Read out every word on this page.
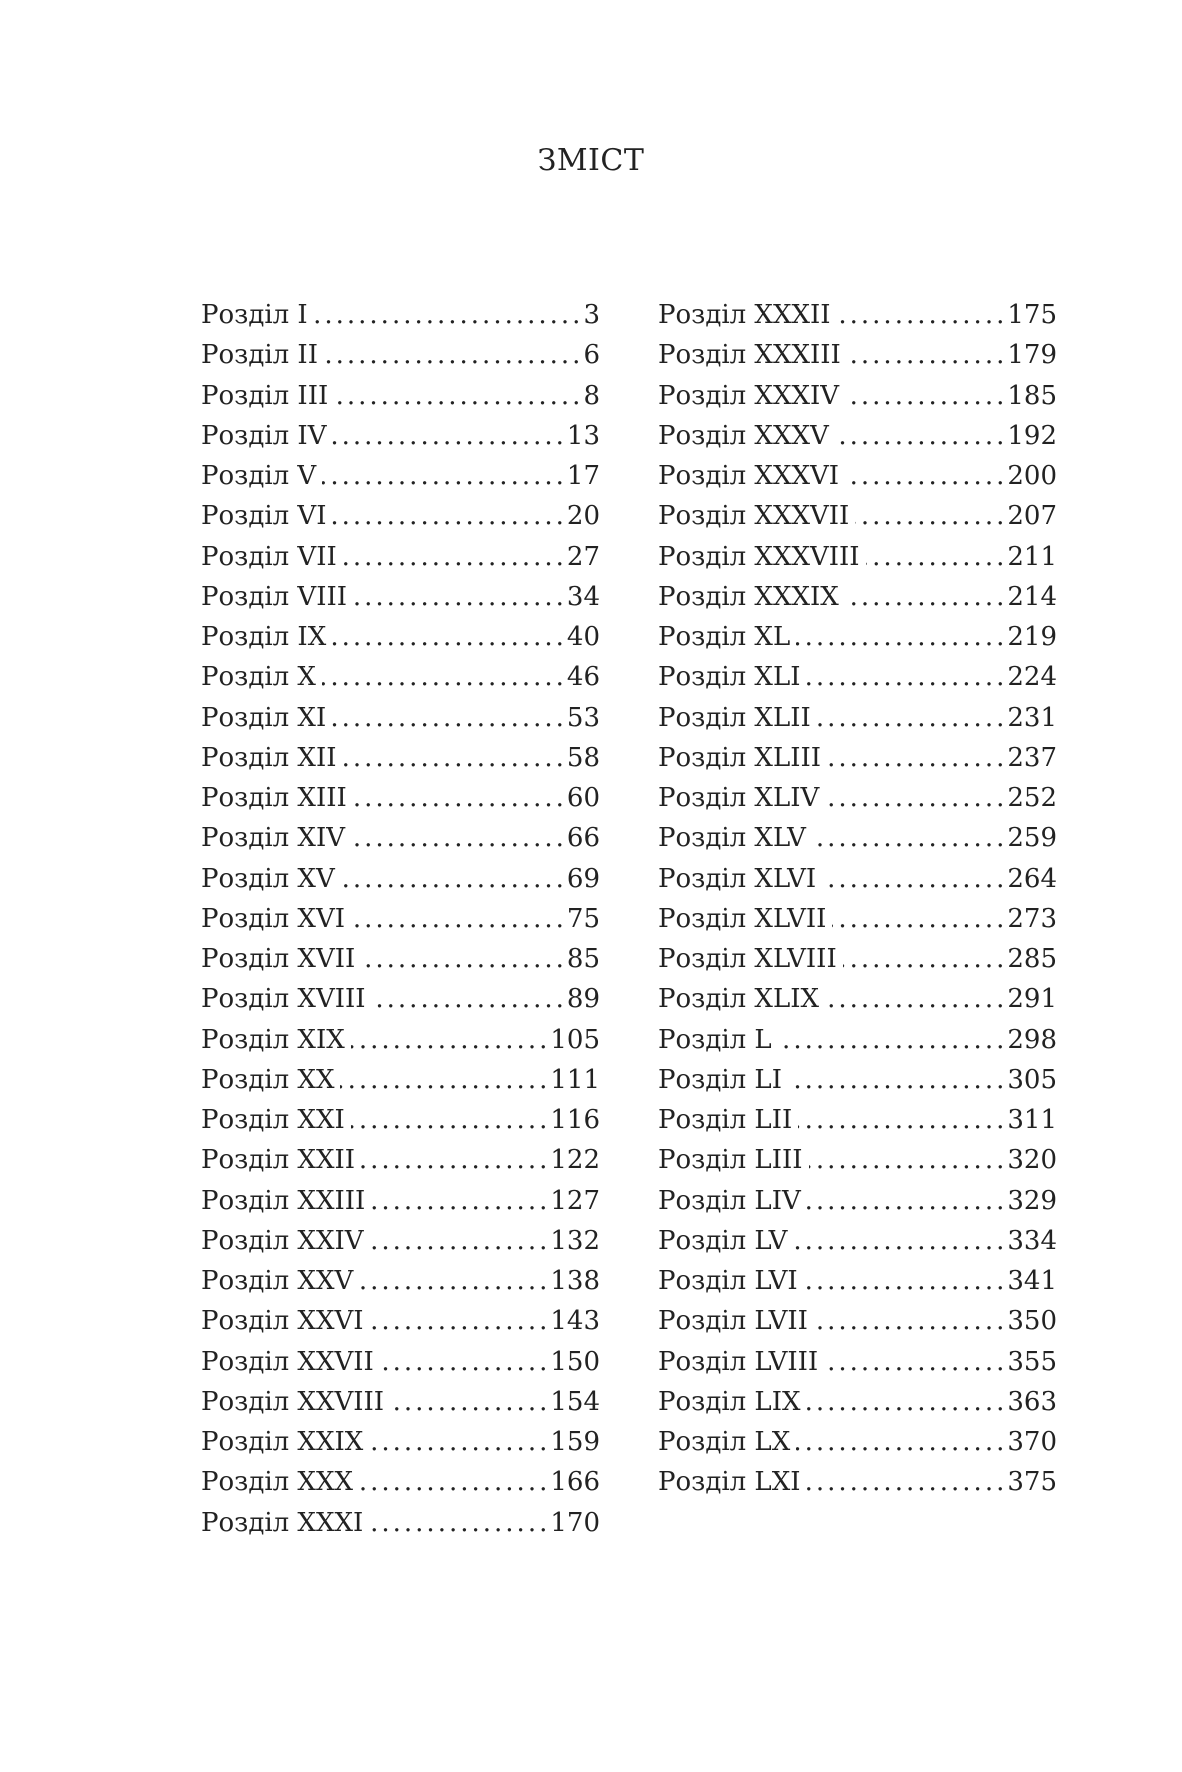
ЗМІСТ
Розділ I .....	3
Розділ II .....	6
Розділ III .....	8
Розділ IV .....	13
Розділ V .....	17
Розділ VI .....	20
Розділ VII .....	27
Розділ VIII .....	34
Розділ IX .....	40
Розділ X .....	46
Розділ XI .....	53
Розділ XII .....	58
Розділ XIII .....	60
Розділ XIV .....	66
Розділ XV .....	69
Розділ XVI .....	75
Розділ XVII .....	85
Розділ XVIII .....	89
Розділ XIX .....	105
Розділ XX .....	111
Розділ XXI .....	116
Розділ XXII .....	122
Розділ XXIII .....	127
Розділ XXIV .....	132
Розділ XXV .....	138
Розділ XXVI .....	143
Розділ XXVII .....	150
Розділ XXVIII .....	154
Розділ XXIX .....	159
Розділ XXX .....	166
Розділ XXXI .....	170
Розділ XXXII .....	175
Розділ XXXIII .....	179
Розділ XXXIV .....	185
Розділ XXXV .....	192
Розділ XXXVI .....	200
Розділ XXXVII .....	207
Розділ XXXVIII .....	211
Розділ XXXIX .....	214
Розділ XL .....	219
Розділ XLI .....	224
Розділ XLII .....	231
Розділ XLIII .....	237
Розділ XLIV .....	252
Розділ XLV .....	259
Розділ XLVI .....	264
Розділ XLVII .....	273
Розділ XLVIII .....	285
Розділ XLIX .....	291
Розділ L .....	298
Розділ LI .....	305
Розділ LII .....	311
Розділ LIII .....	320
Розділ LIV .....	329
Розділ LV .....	334
Розділ LVI .....	341
Розділ LVII .....	350
Розділ LVIII .....	355
Розділ LIX .....	363
Розділ LX .....	370
Розділ LXI .....	375
